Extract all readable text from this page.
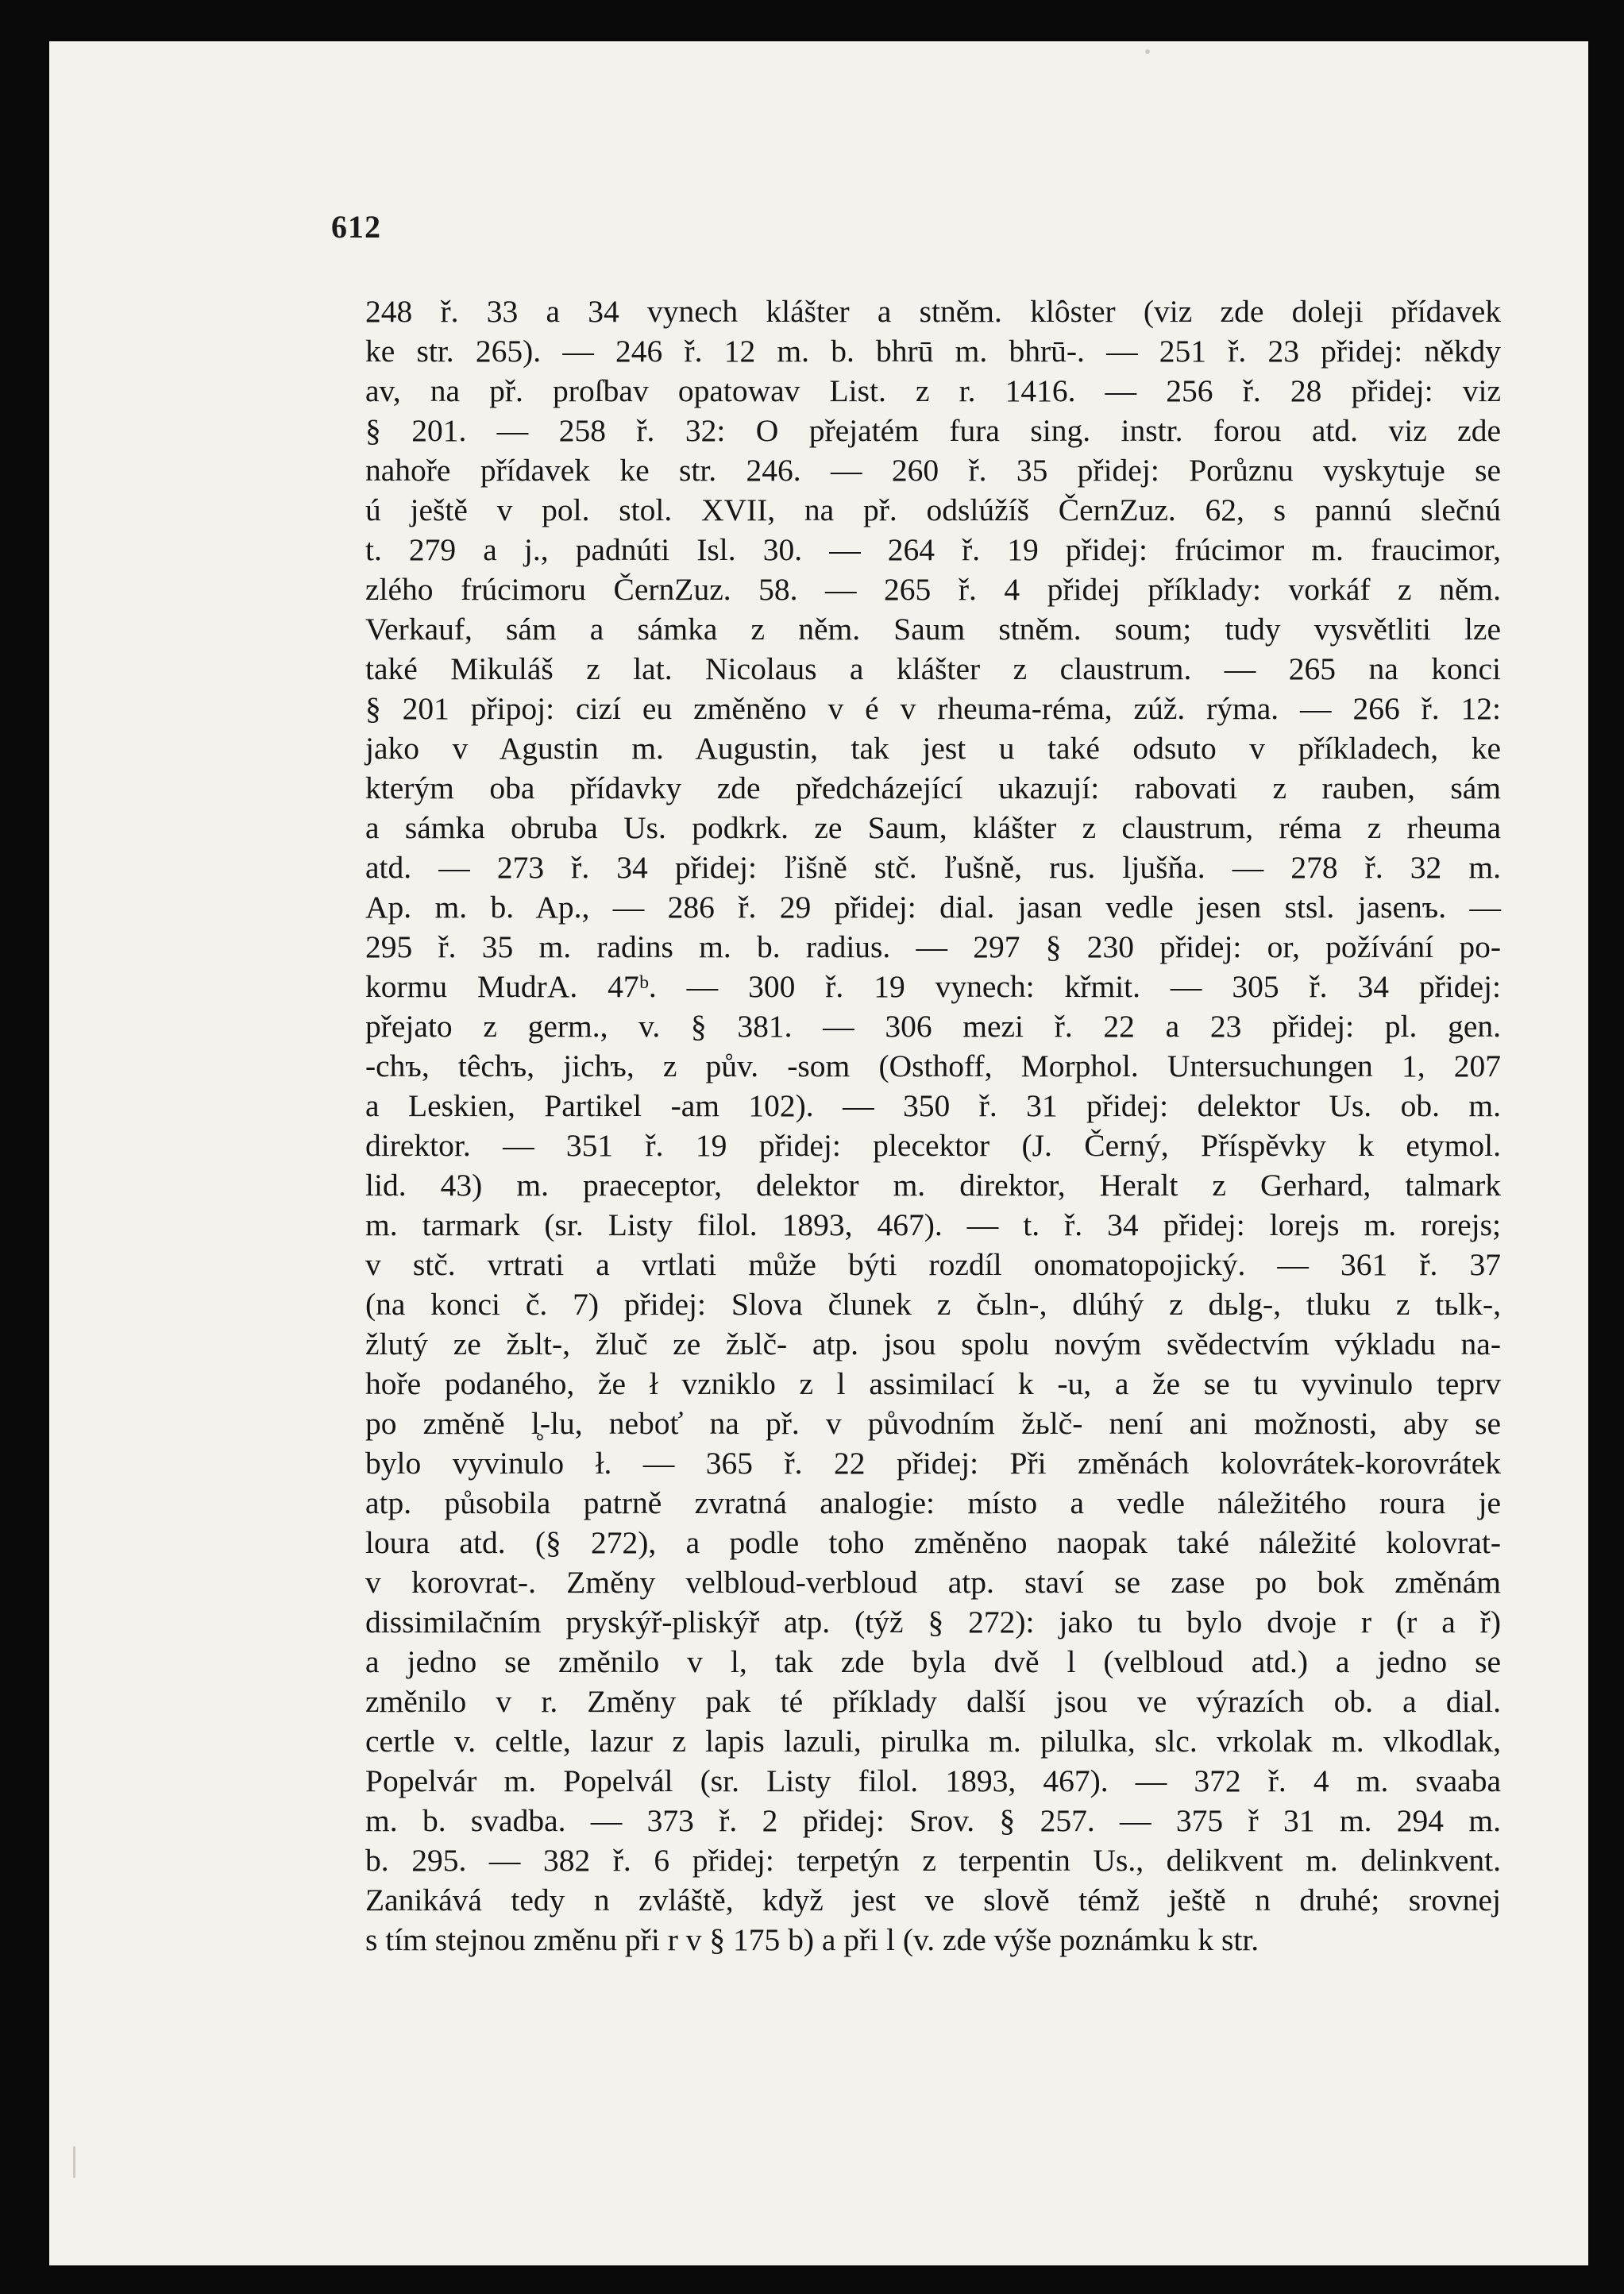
612
248 ř. 33 a 34 vynech klášter a stněm. klôster (viz zde doleji přídavek
ke str. 265). — 246 ř. 12 m. b. bhrū m. bhrū-. — 251 ř. 23 přidej: někdy
av, na př. proſbav opatowav List. z r. 1416. — 256 ř. 28 přidej: viz
§ 201. — 258 ř. 32: O přejatém fura sing. instr. forou atd. viz zde
nahoře přídavek ke str. 246. — 260 ř. 35 přidej: Porůznu vyskytuje se
ú ještě v pol. stol. XVII, na př. odslúžíš ČernZuz. 62, s pannú slečnú
t. 279 a j., padnúti Isl. 30. — 264 ř. 19 přidej: frúcimor m. fraucimor,
zlého frúcimoru ČernZuz. 58. — 265 ř. 4 přidej příklady: vorkáf z něm.
Verkauf, sám a sámka z něm. Saum stněm. soum; tudy vysvětliti lze
také Mikuláš z lat. Nicolaus a klášter z claustrum. — 265 na konci
§ 201 připoj: cizí eu změněno v é v rheuma-réma, zúž. rýma. — 266 ř. 12:
jako v Agustin m. Augustin, tak jest u také odsuto v příkladech, ke
kterým oba přídavky zde předcházející ukazují: rabovati z rauben, sám
a sámka obruba Us. podkrk. ze Saum, klášter z claustrum, réma z rheuma
atd. — 273 ř. 34 přidej: ľišně stč. ľušně, rus. ljušňa. — 278 ř. 32 m.
Ap. m. b. Ap., — 286 ř. 29 přidej: dial. jasan vedle jesen stsl. jasenъ. —
295 ř. 35 m. radins m. b. radius. — 297 § 230 přidej: or, požívání po-
kormu MudrA. 47ᵇ. — 300 ř. 19 vynech: křmit. — 305 ř. 34 přidej:
přejato z germ., v. § 381. — 306 mezi ř. 22 a 23 přidej: pl. gen.
-chъ, têchъ, jichъ, z pův. -som (Osthoff, Morphol. Untersuchungen 1, 207
a Leskien, Partikel -am 102). — 350 ř. 31 přidej: delektor Us. ob. m.
direktor. — 351 ř. 19 přidej: plecektor (J. Černý, Příspěvky k etymol.
lid. 43) m. praeceptor, delektor m. direktor, Heralt z Gerhard, talmark
m. tarmark (sr. Listy filol. 1893, 467). — t. ř. 34 přidej: lorejs m. rorejs;
v stč. vrtrati a vrtlati může býti rozdíl onomatopojický. — 361 ř. 37
(na konci č. 7) přidej: Slova člunek z čьln-, dlúhý z dьlg-, tluku z tьlk-,
žlutý ze žьlt-, žluč ze žьlč- atp. jsou spolu novým svědectvím výkladu na-
hoře podaného, že ł vzniklo z l assimilací k -u, a že se tu vyvinulo teprv
po změně l̥-lu, neboť na př. v původním žьlč- není ani možnosti, aby se
bylo vyvinulo ł. — 365 ř. 22 přidej: Při změnách kolovrátek-korovrátek
atp. působila patrně zvratná analogie: místo a vedle náležitého roura je
loura atd. (§ 272), a podle toho změněno naopak také náležité kolovrat-
v korovrat-. Změny velbloud-verbloud atp. staví se zase po bok změnám
dissimilačním pryskýř-pliskýř atp. (týž § 272): jako tu bylo dvoje r (r a ř)
a jedno se změnilo v l, tak zde byla dvě l (velblоud atd.) a jedno se
změnilo v r. Změny pak té příklady další jsou ve výrazích ob. a dial.
certle v. celtle, lazur z lapis lazuli, pirulka m. pilulka, slc. vrkolak m. vlkodlak,
Popelvár m. Popelvál (sr. Listy filol. 1893, 467). — 372 ř. 4 m. svaaba
m. b. svadba. — 373 ř. 2 přidej: Srov. § 257. — 375 ř 31 m. 294 m.
b. 295. — 382 ř. 6 přidej: terpetýn z terpentin Us., delikvent m. delinkvent.
Zanikává tedy n zvláště, když jest ve slově témž ještě n druhé; srovnej
s tím stejnou změnu při r v § 175 b) a při l (v. zde výše poznámku k str.
